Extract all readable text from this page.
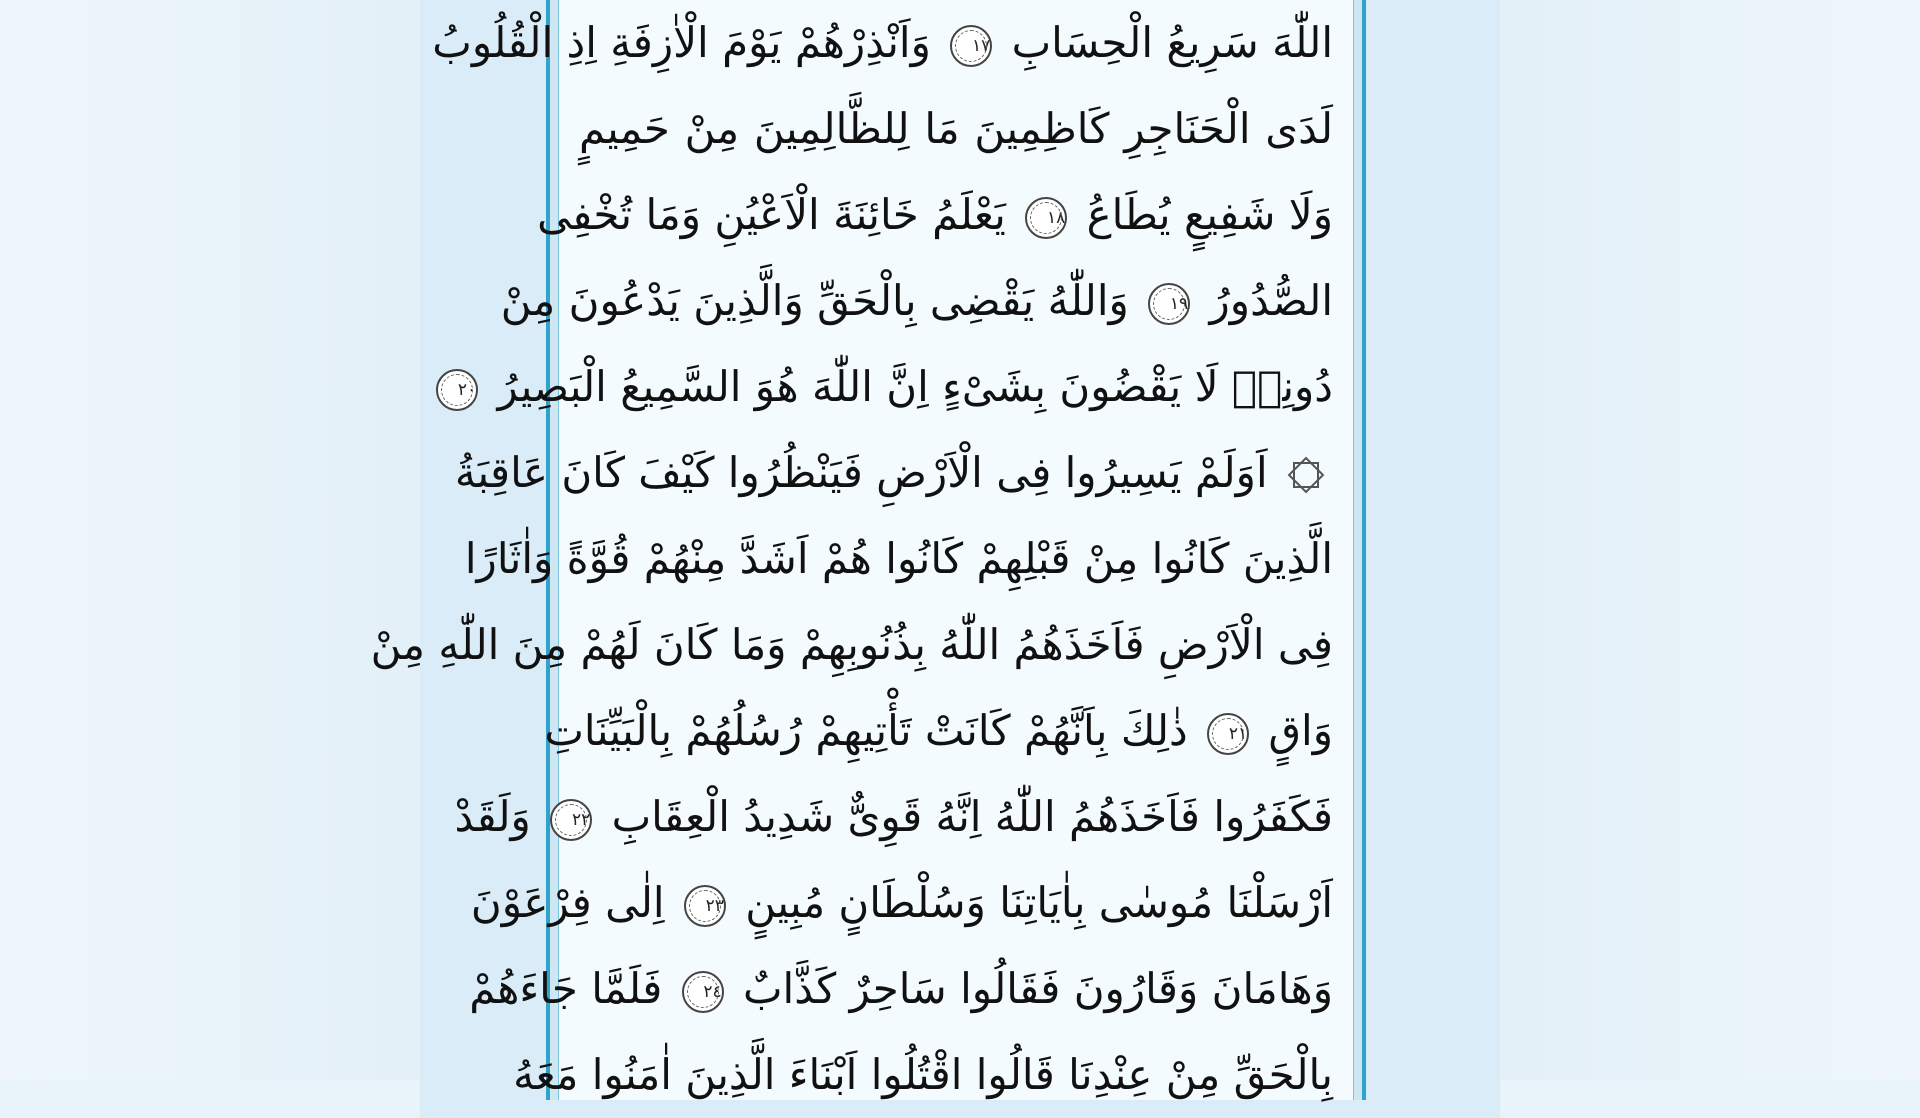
اللّٰهَ سَرِيعُ الْحِسَابِ ١٧ وَاَنْذِرْهُمْ يَوْمَ الْاٰزِفَةِ اِذِ الْقُلُوبُ
لَدَى الْحَنَاجِرِ كَاظِمِينَ مَا لِلظَّالِمِينَ مِنْ حَمِيمٍ
وَلَا شَفِيعٍ يُطَاعُ ١٨ يَعْلَمُ خَائِنَةَ الْاَعْيُنِ وَمَا تُخْفِى
الصُّدُورُ ١٩ وَاللّٰهُ يَقْضِى بِالْحَقِّ وَالَّذِينَ يَدْعُونَ مِنْ
دُونِهٖ لَا يَقْضُونَ بِشَىْءٍ اِنَّ اللّٰهَ هُوَ السَّمِيعُ الْبَصِيرُ ٢٠
اَوَلَمْ يَسِيرُوا فِى الْاَرْضِ فَيَنْظُرُوا كَيْفَ كَانَ عَاقِبَةُ
الَّذِينَ كَانُوا مِنْ قَبْلِهِمْ كَانُوا هُمْ اَشَدَّ مِنْهُمْ قُوَّةً وَاٰثَارًا
فِى الْاَرْضِ فَاَخَذَهُمُ اللّٰهُ بِذُنُوبِهِمْ وَمَا كَانَ لَهُمْ مِنَ اللّٰهِ مِنْ
وَاقٍ ٢١ ذٰلِكَ بِاَنَّهُمْ كَانَتْ تَأْتِيهِمْ رُسُلُهُمْ بِالْبَيِّنَاتِ
فَكَفَرُوا فَاَخَذَهُمُ اللّٰهُ اِنَّهُ قَوِىٌّ شَدِيدُ الْعِقَابِ ٢٢ وَلَقَدْ
اَرْسَلْنَا مُوسٰى بِاٰيَاتِنَا وَسُلْطَانٍ مُبِينٍ ٢٣ اِلٰى فِرْعَوْنَ
وَهَامَانَ وَقَارُونَ فَقَالُوا سَاحِرٌ كَذَّابٌ ٢٤ فَلَمَّا جَاءَهُمْ
بِالْحَقِّ مِنْ عِنْدِنَا قَالُوا اقْتُلُوا اَبْنَاءَ الَّذِينَ اٰمَنُوا مَعَهُ
